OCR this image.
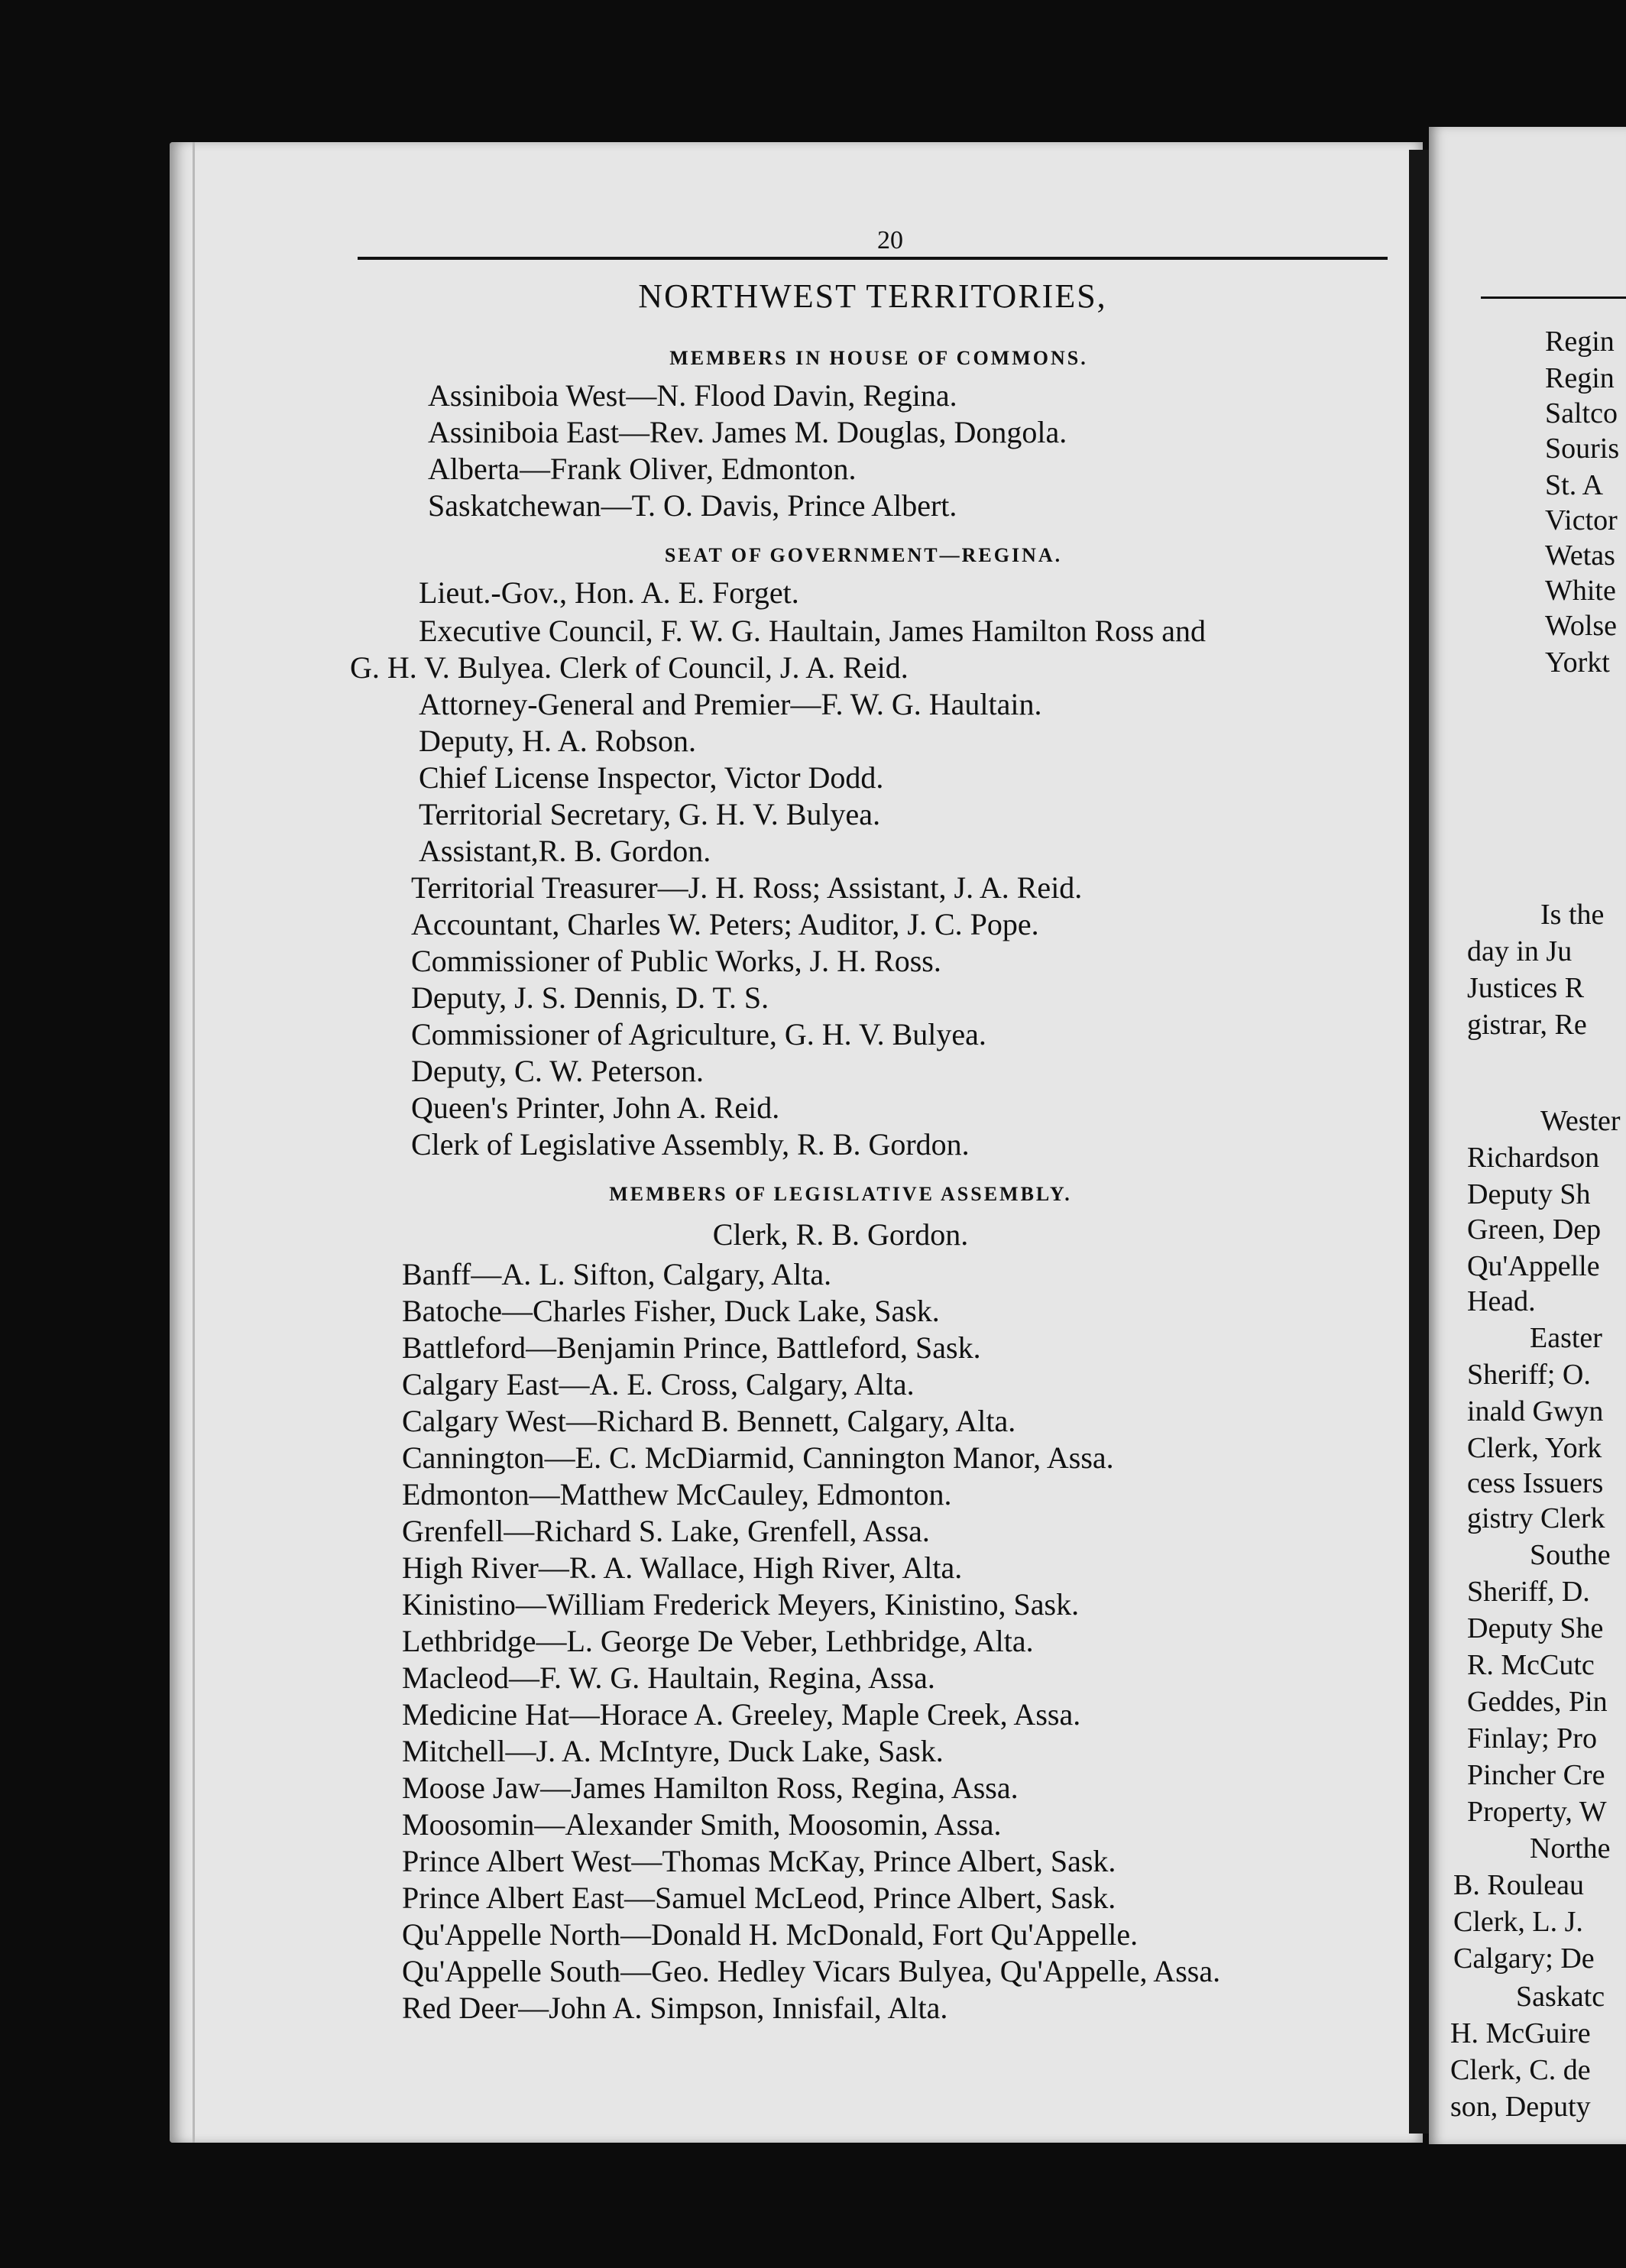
Regin
Regin
Saltco
Souris
St. A
Victor
Wetas
White
Wolse
Yorkt
Is the
day in Ju
Justices R
gistrar, Re
Wester
Richardson
Deputy Sh
Green, Dep
Qu'Appelle
Head.
Easter
Sheriff; O.
inald Gwyn
Clerk, York
cess Issuers
gistry Clerk
Southe
Sheriff, D.
Deputy She
R. McCutc
Geddes, Pin
Finlay; Pro
Pincher Cre
Property, W
Northe
B. Rouleau
Clerk, L. J.
Calgary; De
Saskatc
H. McGuire
Clerk, C. de
son, Deputy
20
NORTHWEST TERRITORIES,
MEMBERS IN HOUSE OF COMMONS.
Assiniboia West—N. Flood Davin, Regina.
Assiniboia East—Rev. James M. Douglas, Dongola.
Alberta—Frank Oliver, Edmonton.
Saskatchewan—T. O. Davis, Prince Albert.
SEAT OF GOVERNMENT—REGINA.
Lieut.-Gov., Hon. A. E. Forget.
Executive Council, F. W. G. Haultain, James Hamilton Ross and
G. H. V. Bulyea. Clerk of Council, J. A. Reid.
Attorney-General and Premier—F. W. G. Haultain.
Deputy, H. A. Robson.
Chief License Inspector, Victor Dodd.
Territorial Secretary, G. H. V. Bulyea.
Assistant,R. B. Gordon.
Territorial Treasurer—J. H. Ross; Assistant, J. A. Reid.
Accountant, Charles W. Peters; Auditor, J. C. Pope.
Commissioner of Public Works, J. H. Ross.
Deputy, J. S. Dennis, D. T. S.
Commissioner of Agriculture, G. H. V. Bulyea.
Deputy, C. W. Peterson.
Queen's Printer, John A. Reid.
Clerk of Legislative Assembly, R. B. Gordon.
MEMBERS OF LEGISLATIVE ASSEMBLY.
Clerk, R. B. Gordon.
Banff—A. L. Sifton, Calgary, Alta.
Batoche—Charles Fisher, Duck Lake, Sask.
Battleford—Benjamin Prince, Battleford, Sask.
Calgary East—A. E. Cross, Calgary, Alta.
Calgary West—Richard B. Bennett, Calgary, Alta.
Cannington—E. C. McDiarmid, Cannington Manor, Assa.
Edmonton—Matthew McCauley, Edmonton.
Grenfell—Richard S. Lake, Grenfell, Assa.
High River—R. A. Wallace, High River, Alta.
Kinistino—William Frederick Meyers, Kinistino, Sask.
Lethbridge—L. George De Veber, Lethbridge, Alta.
Macleod—F. W. G. Haultain, Regina, Assa.
Medicine Hat—Horace A. Greeley, Maple Creek, Assa.
Mitchell—J. A. McIntyre, Duck Lake, Sask.
Moose Jaw—James Hamilton Ross, Regina, Assa.
Moosomin—Alexander Smith, Moosomin, Assa.
Prince Albert West—Thomas McKay, Prince Albert, Sask.
Prince Albert East—Samuel McLeod, Prince Albert, Sask.
Qu'Appelle North—Donald H. McDonald, Fort Qu'Appelle.
Qu'Appelle South—Geo. Hedley Vicars Bulyea, Qu'Appelle, Assa.
Red Deer—John A. Simpson, Innisfail, Alta.
